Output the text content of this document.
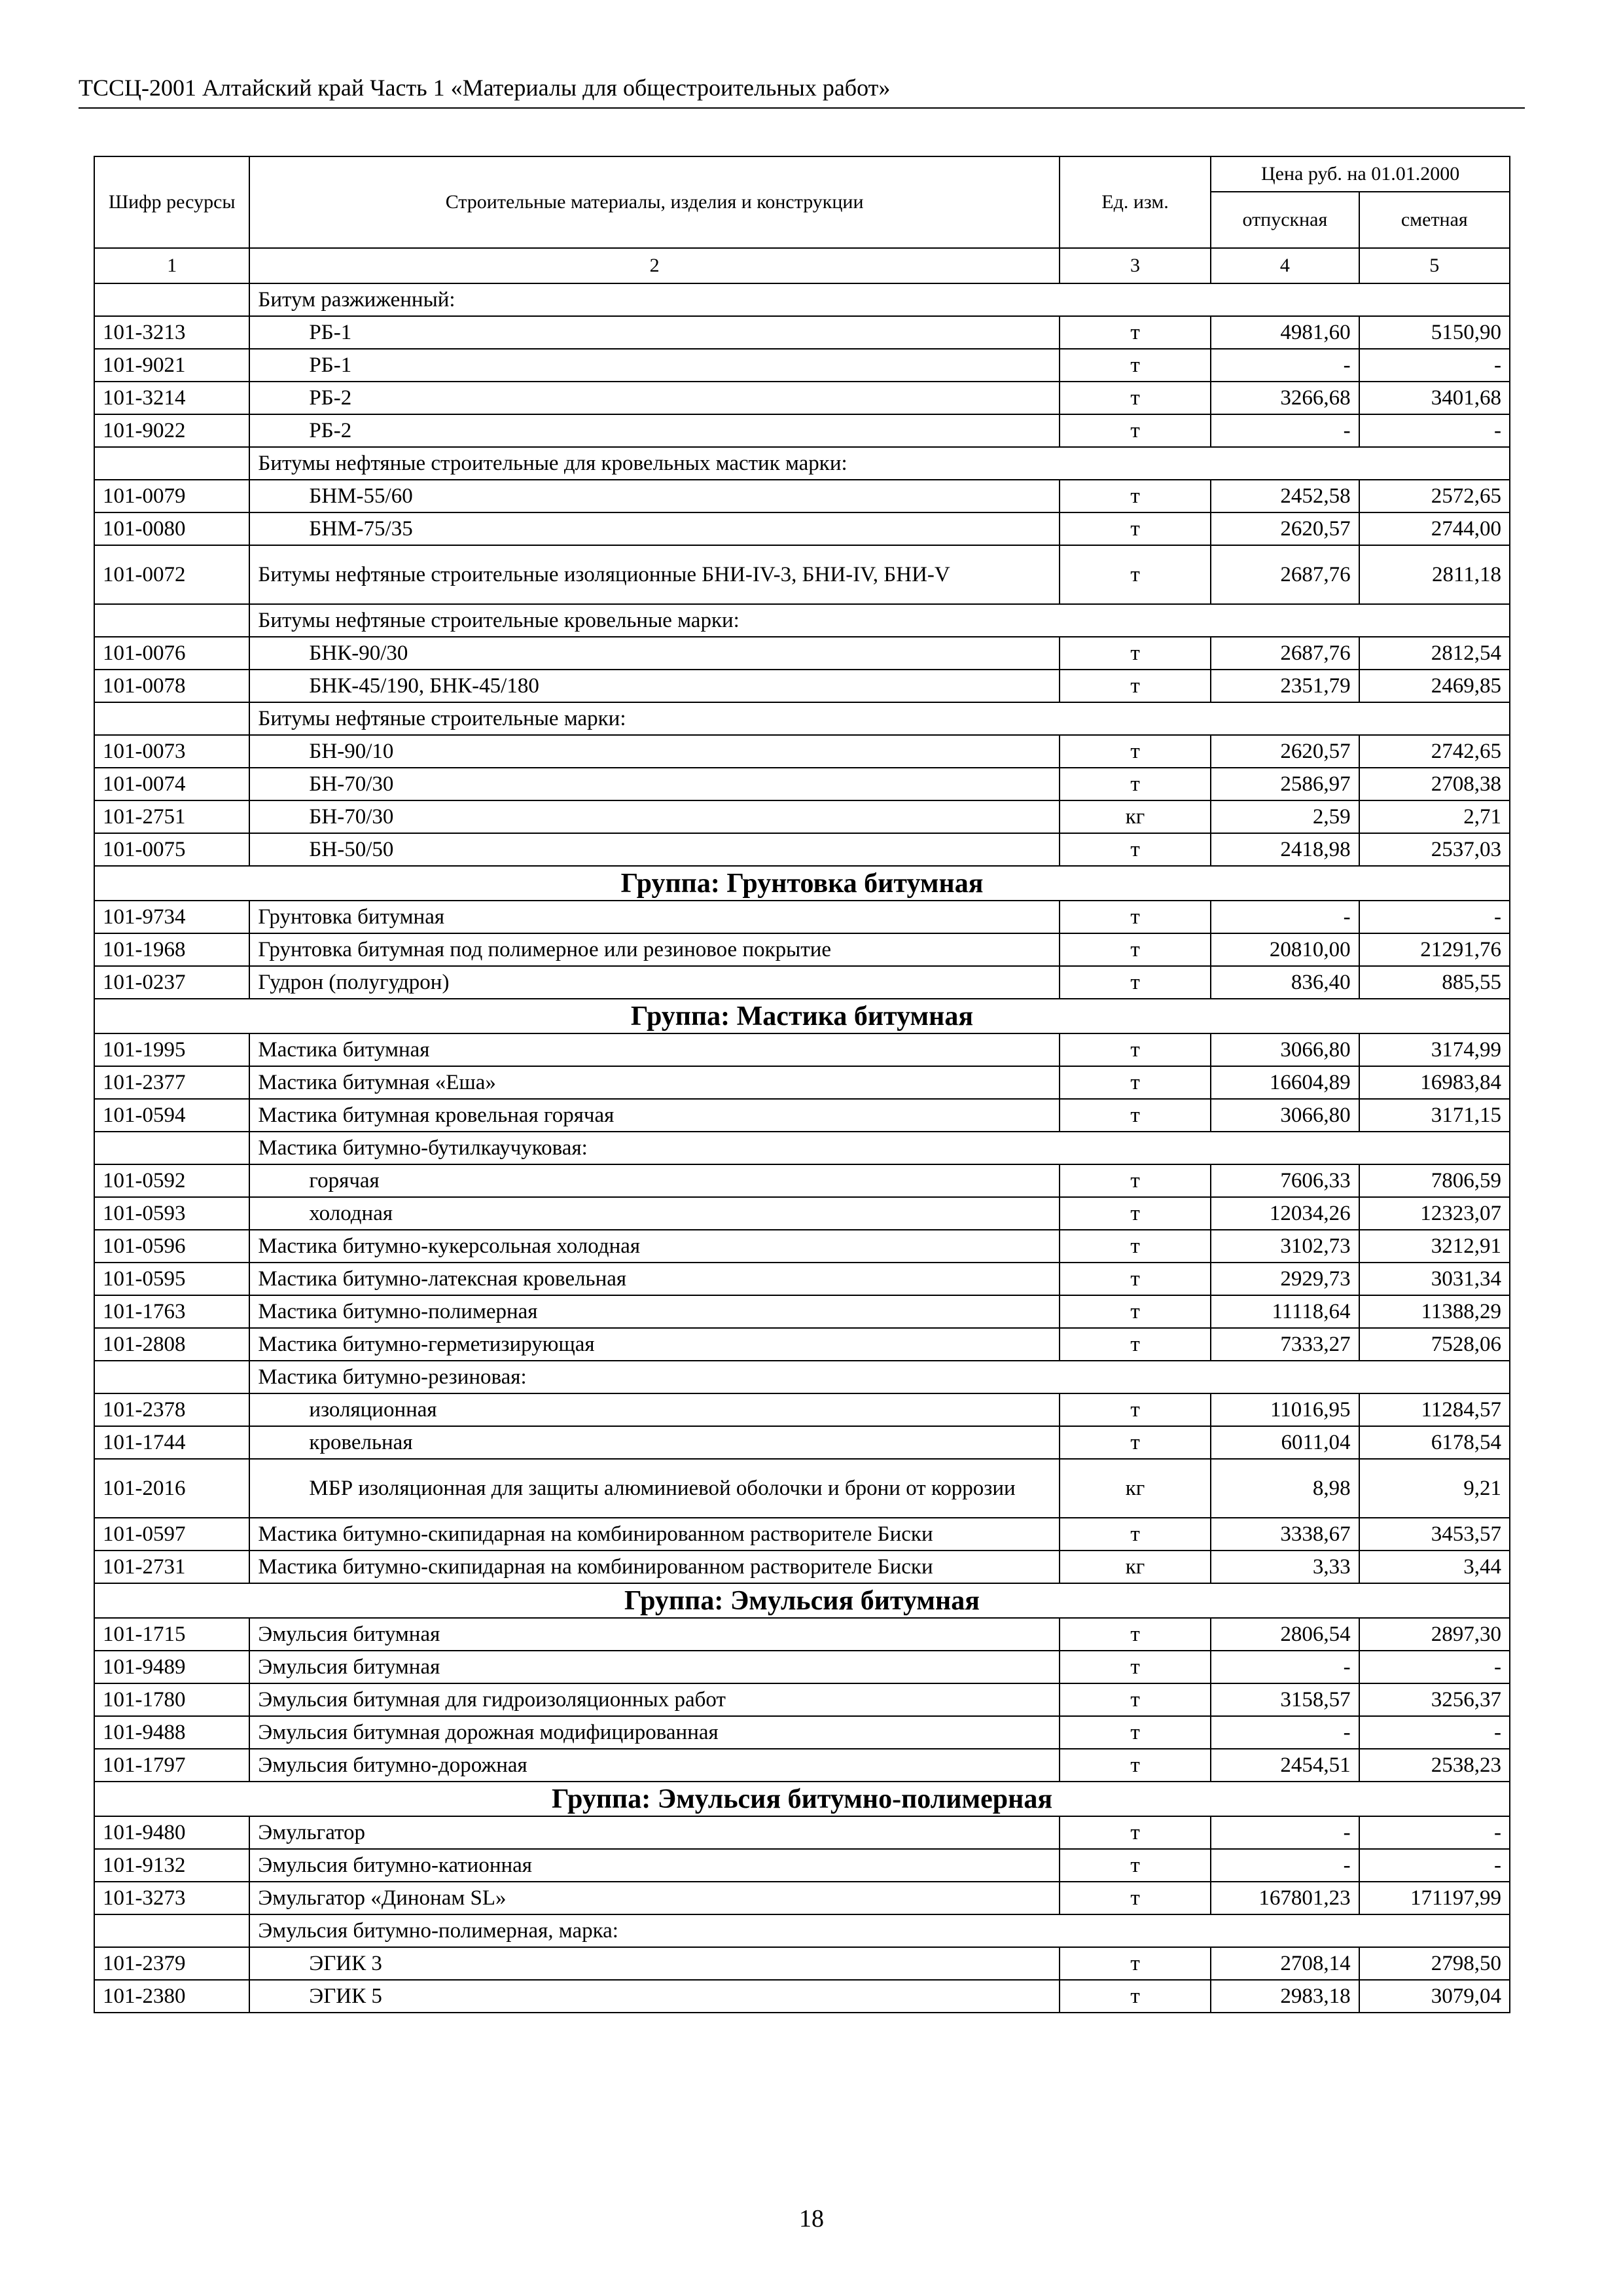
ТССЦ-2001 Алтайский край Часть 1 «Материалы для общестроительных работ»
Шифр ресурсы	Строительные материалы, изделия и конструкции	Ед. изм.	Цена руб. на 01.01.2000	
			отпускная	сметная
1	2	3	4	5
	Битум разжиженный:			
101-3213	РБ-1	т	4981,60	5150,90
101-9021	РБ-1	т	-	-
101-3214	РБ-2	т	3266,68	3401,68
101-9022	РБ-2	т	-	-
	Битумы нефтяные строительные для кровельных мастик марки:			
101-0079	БНМ-55/60	т	2452,58	2572,65
101-0080	БНМ-75/35	т	2620,57	2744,00
101-0072	Битумы нефтяные строительные изоляционные БНИ-IV-3, БНИ-IV, БНИ-V	т	2687,76	2811,18
	Битумы нефтяные строительные кровельные марки:			
101-0076	БНК-90/30	т	2687,76	2812,54
101-0078	БНК-45/190, БНК-45/180	т	2351,79	2469,85
	Битумы нефтяные строительные марки:			
101-0073	БН-90/10	т	2620,57	2742,65
101-0074	БН-70/30	т	2586,97	2708,38
101-2751	БН-70/30	кг	2,59	2,71
101-0075	БН-50/50	т	2418,98	2537,03
Группа: Грунтовка битумная				
101-9734	Грунтовка битумная	т	-	-
101-1968	Грунтовка битумная под полимерное или резиновое покрытие	т	20810,00	21291,76
101-0237	Гудрон (полугудрон)	т	836,40	885,55
Группа: Мастика битумная				
101-1995	Мастика битумная	т	3066,80	3174,99
101-2377	Мастика битумная «Еша»	т	16604,89	16983,84
101-0594	Мастика битумная кровельная горячая	т	3066,80	3171,15
	Мастика битумно-бутилкаучуковая:			
101-0592	горячая	т	7606,33	7806,59
101-0593	холодная	т	12034,26	12323,07
101-0596	Мастика битумно-кукерсольная холодная	т	3102,73	3212,91
101-0595	Мастика битумно-латексная кровельная	т	2929,73	3031,34
101-1763	Мастика битумно-полимерная	т	11118,64	11388,29
101-2808	Мастика битумно-герметизирующая	т	7333,27	7528,06
	Мастика битумно-резиновая:			
101-2378	изоляционная	т	11016,95	11284,57
101-1744	кровельная	т	6011,04	6178,54
101-2016	МБР изоляционная для защиты алюминиевой оболочки и брони от коррозии	кг	8,98	9,21
101-0597	Мастика битумно-скипидарная на комбинированном растворителе Биски	т	3338,67	3453,57
101-2731	Мастика битумно-скипидарная на комбинированном растворителе Биски	кг	3,33	3,44
Группа: Эмульсия битумная				
101-1715	Эмульсия битумная	т	2806,54	2897,30
101-9489	Эмульсия битумная	т	-	-
101-1780	Эмульсия битумная для гидроизоляционных работ	т	3158,57	3256,37
101-9488	Эмульсия битумная дорожная модифицированная	т	-	-
101-1797	Эмульсия битумно-дорожная	т	2454,51	2538,23
Группа: Эмульсия битумно-полимерная				
101-9480	Эмульгатор	т	-	-
101-9132	Эмульсия битумно-катионная	т	-	-
101-3273	Эмульгатор «Динонам SL»	т	167801,23	171197,99
	Эмульсия битумно-полимерная, марка:			
101-2379	ЭГИК 3	т	2708,14	2798,50
101-2380	ЭГИК 5	т	2983,18	3079,04
18
